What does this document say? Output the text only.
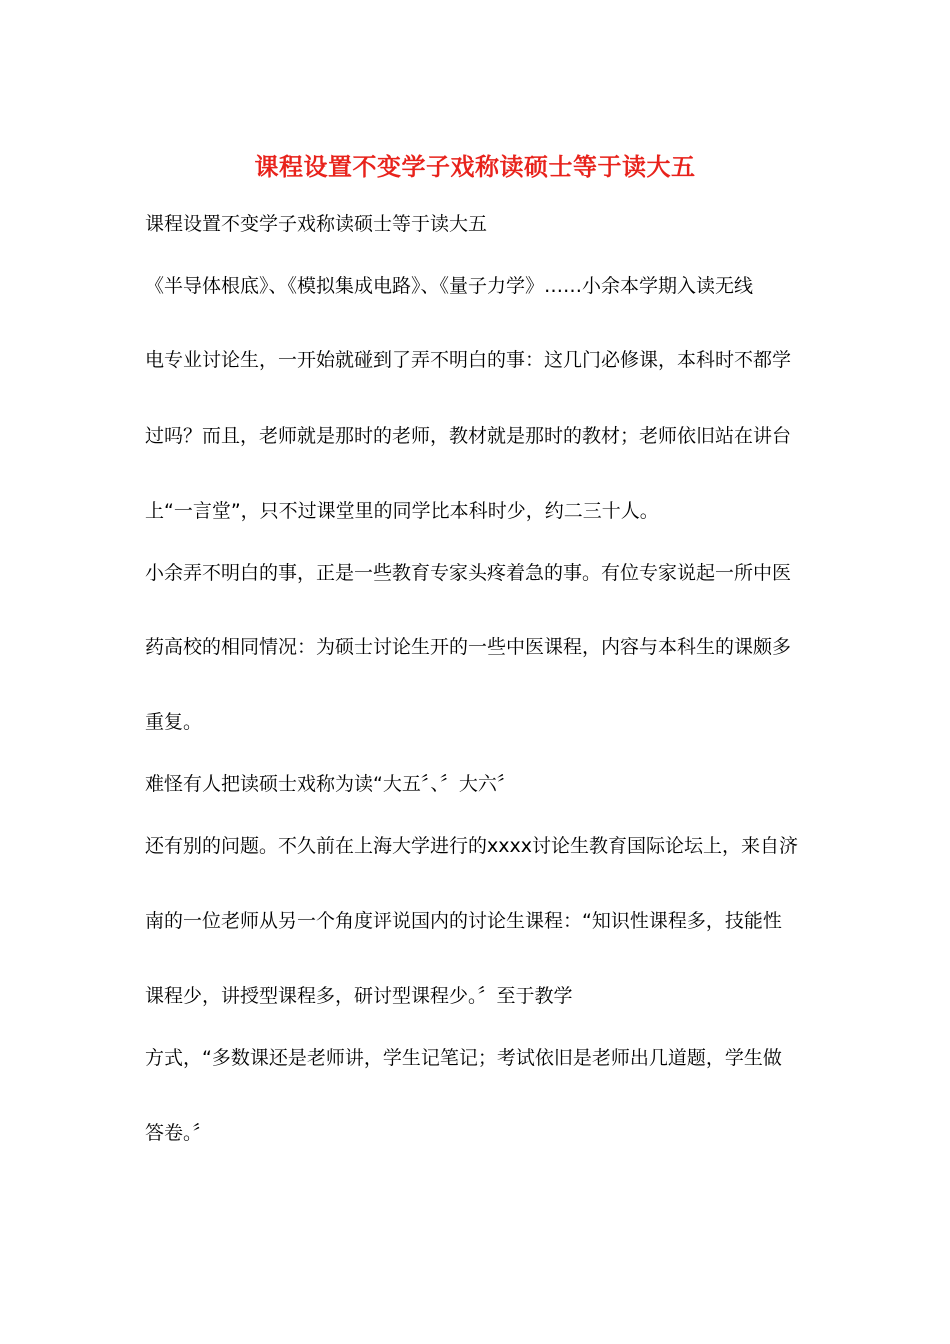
课程设置不变学子戏称读硕士等于读大五
课程设置不变学子戏称读硕士等于读大五
《半导体根底》、《模拟集成电路》、《量子力学》……小余本学期入读无线
电专业讨论生，一开始就碰到了弄不明白的事：这几门必修课，本科时不都学
过吗？而且，老师就是那时的老师，教材就是那时的教材；老师依旧站在讲台
上“一言堂”，只不过课堂里的同学比本科时少，约二三十人。
小余弄不明白的事，正是一些教育专家头疼着急的事。有位专家说起一所中医
药高校的相同情况：为硕士讨论生开的一些中医课程，内容与本科生的课颇多
重复。
难怪有人把读硕士戏称为读“大五〞、〞大六〞
还有别的问题。不久前在上海大学进行的xxxx讨论生教育国际论坛上，来自济
南的一位老师从另一个角度评说国内的讨论生课程：“知识性课程多，技能性
课程少，讲授型课程多，研讨型课程少。〞至于教学
方式，“多数课还是老师讲，学生记笔记；考试依旧是老师出几道题，学生做
答卷。〞
